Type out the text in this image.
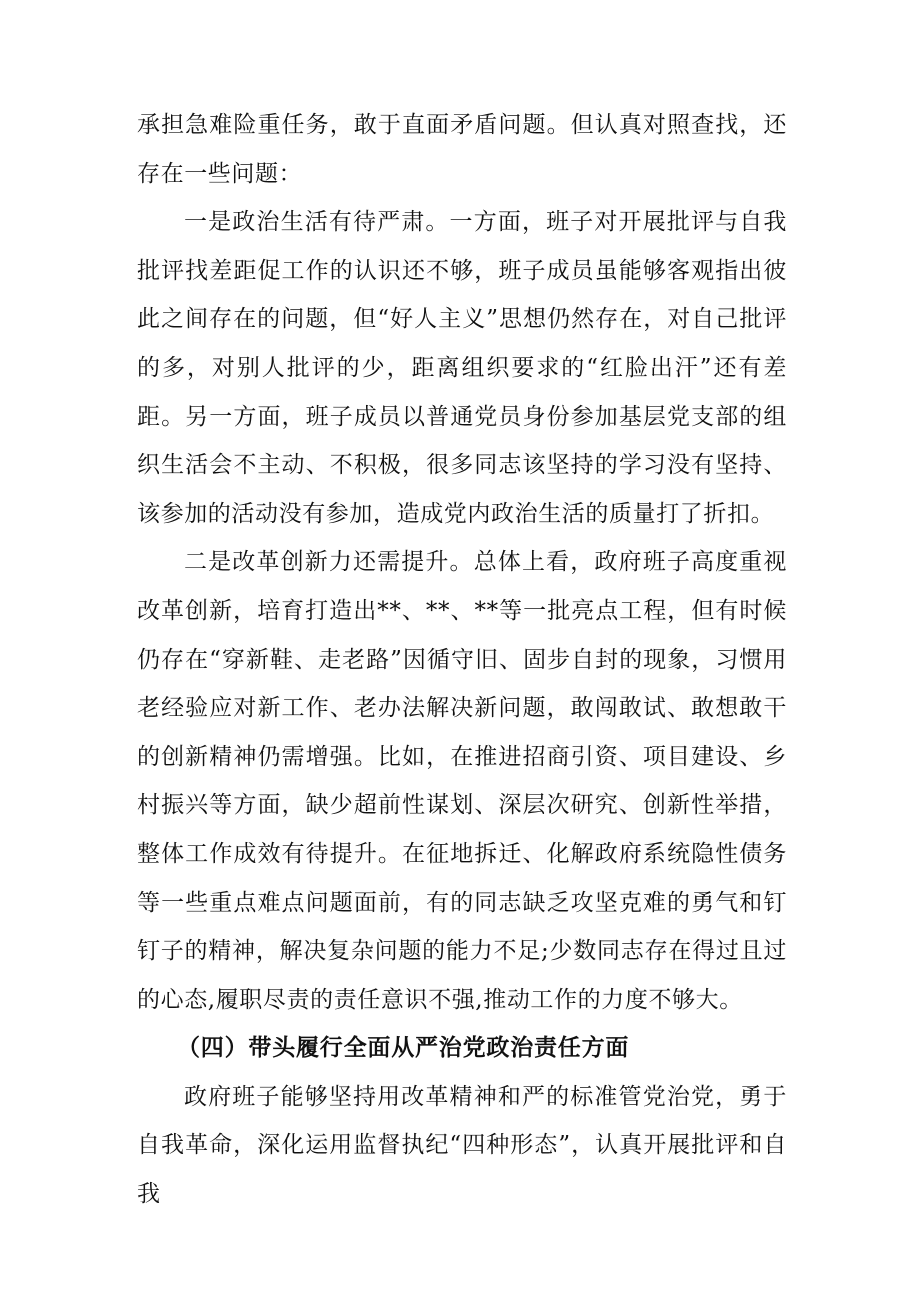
承担急难险重任务，敢于直面矛盾问题。但认真对照查找，还存在一些问题：

一是政治生活有待严肃。一方面，班子对开展批评与自我批评找差距促工作的认识还不够，班子成员虽能够客观指出彼此之间存在的问题，但“好人主义”思想仍然存在，对自己批评的多，对别人批评的少，距离组织要求的“红脸出汗”还有差距。另一方面，班子成员以普通党员身份参加基层党支部的组织生活会不主动、不积极，很多同志该坚持的学习没有坚持、该参加的活动没有参加，造成党内政治生活的质量打了折扣。

二是改革创新力还需提升。总体上看，政府班子高度重视改革创新，培育打造出**、**、**等一批亮点工程，但有时候仍存在“穿新鞋、走老路”因循守旧、固步自封的现象，习惯用老经验应对新工作、老办法解决新问题，敢闯敢试、敢想敢干的创新精神仍需增强。比如，在推进招商引资、项目建设、乡村振兴等方面，缺少超前性谋划、深层次研究、创新性举措，整体工作成效有待提升。在征地拆迁、化解政府系统隐性债务等一些重点难点问题面前，有的同志缺乏攻坚克难的勇气和钉钉子的精神，解决复杂问题的能力不足;少数同志存在得过且过的心态,履职尽责的责任意识不强,推动工作的力度不够大。

（四）带头履行全面从严治党政治责任方面

政府班子能够坚持用改革精神和严的标准管党治党，勇于自我革命，深化运用监督执纪“四种形态”，认真开展批评和自我
